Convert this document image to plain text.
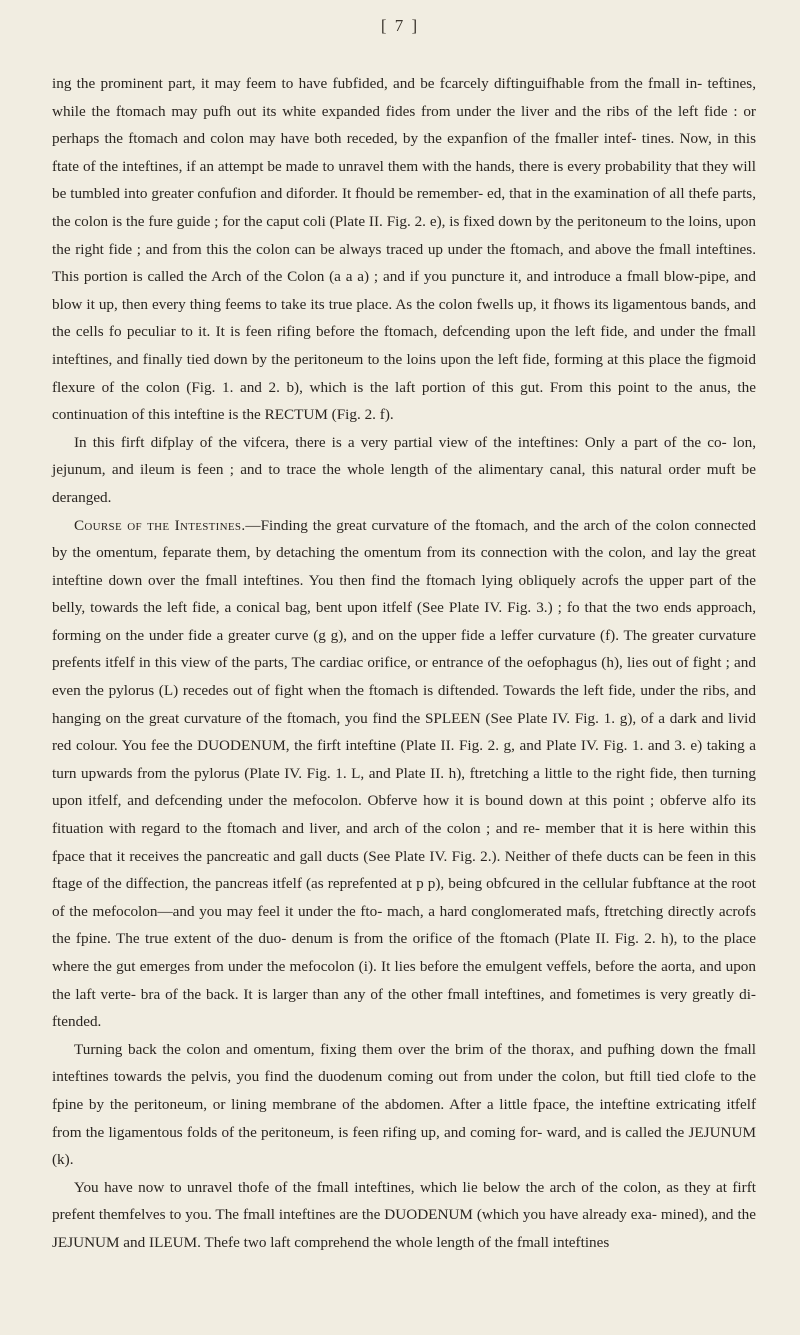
[ 7 ]

ing the prominent part, it may feem to have fubfided, and be fcarcely diftinguifhable from the fmall in- teftines, while the ftomach may pufh out its white expanded fides from under the liver and the ribs of the left fide : or perhaps the ftomach and colon may have both receded, by the expanfion of the fmaller intef- tines. Now, in this ftate of the inteftines, if an attempt be made to unravel them with the hands, there is every probability that they will be tumbled into greater confufion and diforder. It fhould be remember- ed, that in the examination of all thefe parts, the colon is the fure guide ; for the caput coli (Plate II. Fig. 2. e), is fixed down by the peritoneum to the loins, upon the right fide ; and from this the colon can be always traced up under the ftomach, and above the fmall inteftines. This portion is called the Arch of the Colon (a a a) ; and if you puncture it, and introduce a fmall blow-pipe, and blow it up, then every thing feems to take its true place. As the colon fwells up, it fhows its ligamentous bands, and the cells fo peculiar to it. It is feen rifing before the ftomach, defcending upon the left fide, and under the fmall inteftines, and finally tied down by the peritoneum to the loins upon the left fide, forming at this place the figmoid flexure of the colon (Fig. 1. and 2. b), which is the laft portion of this gut. From this point to the anus, the continuation of this inteftine is the RECTUM (Fig. 2. f).

In this firft difplay of the vifcera, there is a very partial view of the inteftines: Only a part of the co- lon, jejunum, and ileum is feen ; and to trace the whole length of the alimentary canal, this natural order muft be deranged.

Course of the Intestines.—Finding the great curvature of the ftomach, and the arch of the colon connected by the omentum, feparate them, by detaching the omentum from its connection with the colon, and lay the great inteftine down over the fmall inteftines. You then find the ftomach lying obliquely acrofs the upper part of the belly, towards the left fide, a conical bag, bent upon itfelf (See Plate IV. Fig. 3.) ; fo that the two ends approach, forming on the under fide a greater curve (g g), and on the upper fide a leffer curvature (f). The greater curvature prefents itfelf in this view of the parts, The cardiac orifice, or entrance of the oefophagus (h), lies out of fight ; and even the pylorus (L) recedes out of fight when the ftomach is diftended. Towards the left fide, under the ribs, and hanging on the great curvature of the ftomach, you find the SPLEEN (See Plate IV. Fig. 1. g), of a dark and livid red colour. You fee the DUODENUM, the firft inteftine (Plate II. Fig. 2. g, and Plate IV. Fig. 1. and 3. e) taking a turn upwards from the pylorus (Plate IV. Fig. 1. L, and Plate II. h), ftretching a little to the right fide, then turning upon itfelf, and defcending under the mefocolon. Obferve how it is bound down at this point ; obferve alfo its fituation with regard to the ftomach and liver, and arch of the colon ; and re- member that it is here within this fpace that it receives the pancreatic and gall ducts (See Plate IV. Fig. 2.). Neither of thefe ducts can be feen in this ftage of the diffection, the pancreas itfelf (as reprefented at p p), being obfcured in the cellular fubftance at the root of the mefocolon—and you may feel it under the fto- mach, a hard conglomerated mafs, ftretching directly acrofs the fpine. The true extent of the duo- denum is from the orifice of the ftomach (Plate II. Fig. 2. h), to the place where the gut emerges from under the mefocolon (i). It lies before the emulgent veffels, before the aorta, and upon the laft verte- bra of the back. It is larger than any of the other fmall inteftines, and fometimes is very greatly di- ftended.

Turning back the colon and omentum, fixing them over the brim of the thorax, and pufhing down the fmall inteftines towards the pelvis, you find the duodenum coming out from under the colon, but ftill tied clofe to the fpine by the peritoneum, or lining membrane of the abdomen. After a little fpace, the inteftine extricating itfelf from the ligamentous folds of the peritoneum, is feen rifing up, and coming for- ward, and is called the JEJUNUM (k).

You have now to unravel thofe of the fmall inteftines, which lie below the arch of the colon, as they at firft prefent themfelves to you. The fmall inteftines are the DUODENUM (which you have already exa- mined), and the JEJUNUM and ILEUM. Thefe two laft comprehend the whole length of the fmall inteftines
